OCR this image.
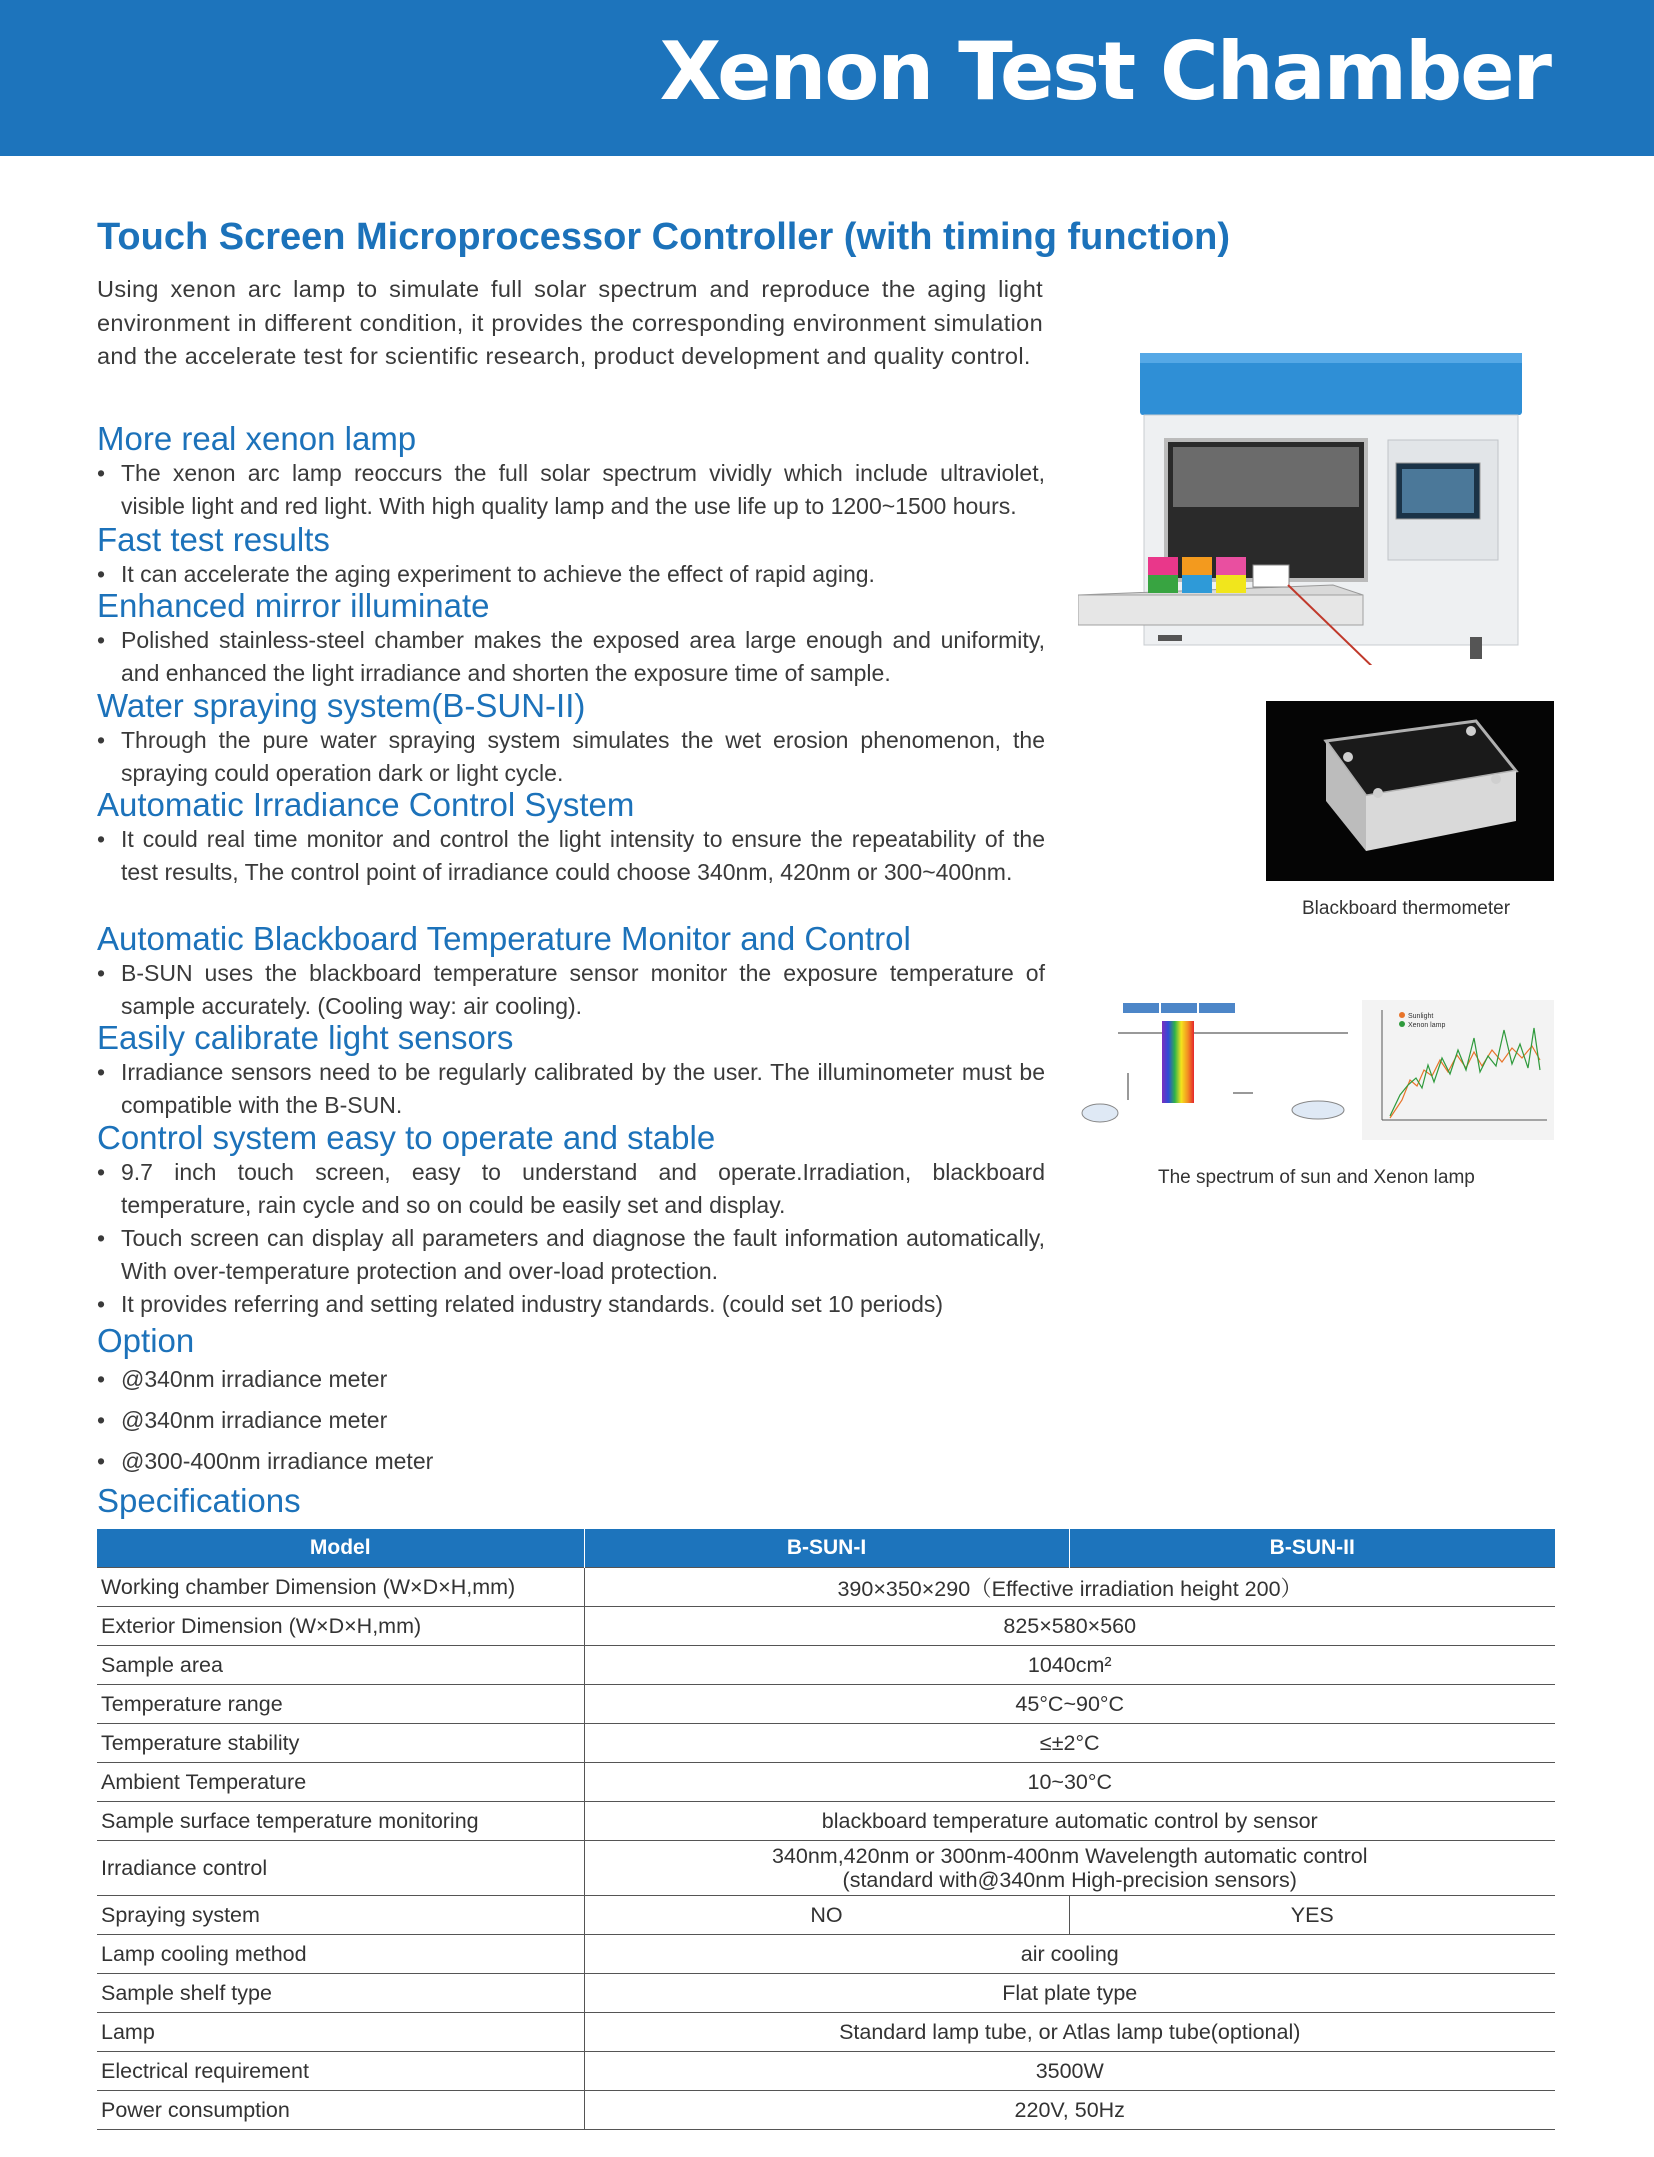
Xenon Test Chamber
Touch Screen Microprocessor Controller (with timing function)
Using xenon arc lamp to simulate full solar spectrum and reproduce the aging light environment in different condition, it provides the corresponding environment simulation and the accelerate test for scientific research, product development and quality control.
More real xenon lamp
• The xenon arc lamp reoccurs the full solar spectrum vividly which include ultraviolet, visible light and red light. With high quality lamp and the use life up to 1200~1500 hours.
Fast test results
• It can accelerate the aging experiment to achieve the effect of rapid aging.
Enhanced mirror illuminate
• Polished stainless-steel chamber makes the exposed area large enough and uniformity, and enhanced the light irradiance and shorten the exposure time of sample.
Water spraying system(B-SUN-II)
• Through the pure water spraying system simulates the wet erosion phenomenon, the spraying could operation dark or light cycle.
Automatic Irradiance Control System
• It could real time monitor and control the light intensity to ensure the repeatability of the test results, The control point of irradiance could choose 340nm, 420nm or 300~400nm.
Automatic Blackboard Temperature Monitor and Control
• B-SUN uses the blackboard temperature sensor monitor the exposure temperature of sample accurately. (Cooling way: air cooling).
Easily calibrate light sensors
• Irradiance sensors need to be regularly calibrated by the user. The illuminometer must be compatible with the B-SUN.
Control system easy to operate and stable
• 9.7 inch touch screen, easy to understand and operate.Irradiation, blackboard temperature, rain cycle and so on could be easily set and display.
• Touch screen can display all parameters and diagnose the fault information automatically, With over-temperature protection and over-load protection.
• It provides referring and setting related industry standards. (could set 10 periods)
Option
• @340nm irradiance meter
• @340nm irradiance meter
• @300-400nm irradiance meter
Blackboard thermometer
Sunlight
Xenon lamp
The spectrum of sun and Xenon lamp
Specifications
Model	B-SUN-I	B-SUN-II
Working chamber Dimension (W×D×H,mm)	390×350×290（Effective irradiation height 200）	
Exterior Dimension (W×D×H,mm)	825×580×560	
Sample area	1040cm²	
Temperature range	45°C~90°C	
Temperature stability	≤±2°C	
Ambient Temperature	10~30°C	
Sample surface temperature monitoring	blackboard temperature automatic control by sensor	
Irradiance control	340nm,420nm or 300nm-400nm Wavelength automatic control
(standard with@340nm High-precision sensors)	

Spraying system	NO	YES
Lamp cooling method	air cooling	
Sample shelf type	Flat plate type	
Lamp	Standard lamp tube, or Atlas lamp tube(optional)	
Electrical requirement	3500W	
Power consumption	220V, 50Hz	
